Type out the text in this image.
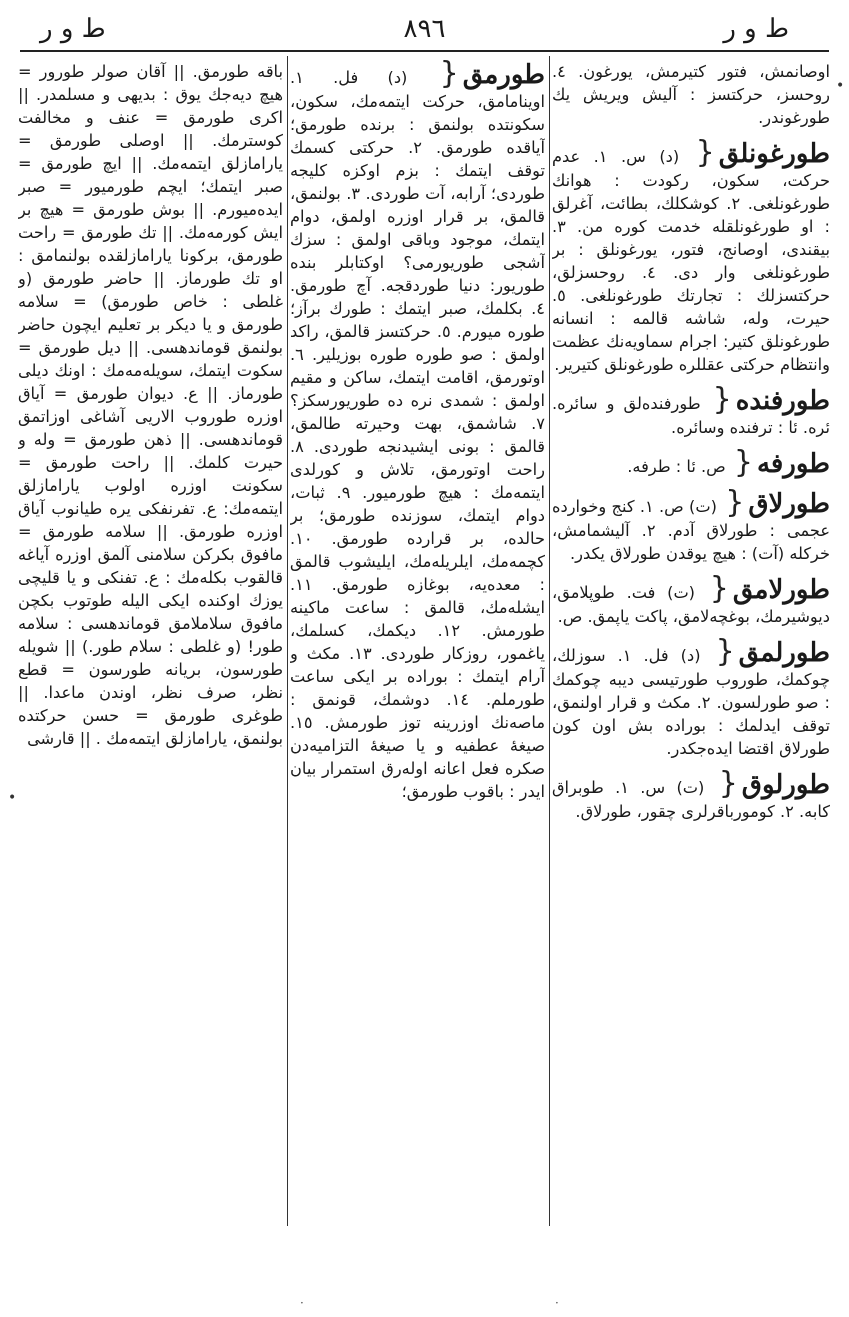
ط و ر
۸۹٦
ط و ر
اوصانمش، فتور کتیرمش، یورغون. ٤. روحسز، حرکتسز : آلیش ویریش یك طورغوندر.
طورغونلق{ (د) س. ١. عدم حرکت، سکون، رکودت : هوانك طورغونلغی. ٢. کوشکلك، بطائت، آغرلق : او طورغونلقله خدمت کوره من. ٣. بیقندی، اوصانج، فتور، یورغونلق : بر طورغونلغی وار دی. ٤. روحسزلق، حرکتسزلك : تجارتك طورغونلغی. ٥. حیرت، وله، شاشه قالمه : انسانه طورغونلق کتیر: اجرام سماویه‌نك عظمت وانتظام حرکتی عقللره طورغونلق کتیریر.
طورفنده{ طورفنده‌لق و سائره. ئره. ئا : ترفنده وسائره.
طورفه{ ص. ئا : طرفه.
طورلاق{ (ت) ص. ١. کنج وخوارده عجمی : طورلاق آدم. ٢. آلیشمامش، خرکله (آت) : هیچ یوقدن طورلاق یکدر.
طورلامق{ (ت) فت. طوپلامق، دیوشیرمك، بوغچه‌لامق، پاکت یاپمق. ص.
طورلمق{ (د) فل. ١. سوزلك، چوکمك، طوروب طورتیسی دیبه چوکمك : صو طورلسون. ٢. مکث و قرار اولنمق، توقف ایدلمك : بوراده بش اون کون طورلاق اقتضا ایده‌جکدر.
طورلوق{ (ت) س. ١. طوبراق کابه. ٢. کومورباقرلری چقور، طورلاق.
طورمق{ (د) فل. ١. اوینامامق، حرکت ایتمه‌مك، سکون، سکونتده بولنمق : برنده طورمق؛ آیاقده طورمق. ٢. حرکتی کسمك توقف ایتمك : بزم اوکزه کلیجه طوردی؛ آرابه، آت طوردی. ٣. بولنمق، قالمق، بر قرار اوزره اولمق، دوام ایتمك، موجود وباقی اولمق : سزك آشجی طوریورمی؟ اوکتابلر بنده طوریور: دنیا طوردقجه. آچ طورمق. ٤. بکلمك، صبر ایتمك : طورك برآز؛ طوره میورم. ٥. حرکتسز قالمق، راکد اولمق : صو طوره طوره بوزیلیر. ٦. اوتورمق، اقامت ایتمك، ساکن و مقیم اولمق : شمدی نره ده طوریورسکز؟ ٧. شاشمق، بهت وحیرته طالمق، قالمق : بونی ایشیدنجه طوردی. ٨. راحت اوتورمق، تلاش و کورلدی ایتمه‌مك : هیچ طورمیور. ٩. ثبات، دوام ایتمك، سوزنده طورمق؛ بر حالده، بر قرارده طورمق. ١٠. کچمه‌مك، ایلریله‌مك، ایلیشوب قالمق : معده‌یه، بوغازه طورمق. ١١. ایشله‌مك، قالمق : ساعت ماکینه طورمش. ١٢. دیکمك، کسلمك، یاغمور، روزکار طوردی. ١٣. مکث و آرام ایتمك : بوراده بر ایکی ساعت طورملم. ١٤. دوشمك، قونمق : ماصه‌نك اوزرینه توز طورمش. ١٥. صیغهٔ عطفیه و یا صیغهٔ التزامیه‌دن صکره فعل اعانه اوله‌رق استمرار بیان ایدر : باقوب طورمق؛
باقه طورمق. || آقان صولر طورور = هیچ دیه‌جك یوق : بدیهی و مسلمدر. || اکری طورمق = عنف و مخالفت کوسترمك. || اوصلی طورمق = یارامازلق ایتمه‌مك. || ایچ طورمق = صبر ایتمك؛ ایچم طورمیور = صبر ایده‌میورم. || بوش طورمق = هیچ بر ایش کورمه‌مك. || تك طورمق = راحت طورمق، برکونا یارامازلقده بولنمامق : او تك طورماز. || حاضر طورمق (و غلطی : خاص طورمق) = سلامه طورمق و یا دیکر بر تعلیم ایچون حاضر بولنمق قوماندهسی. || دیل طورمق = سکوت ایتمك، سویله‌مه‌مك : اونك دیلی طورماز. || ع. دیوان طورمق = آیاق اوزره طوروب الاریی آشاغی اوزاتمق قوماندهسی. || ذهن طورمق = وله و حیرت کلمك. || راحت طورمق = سکونت اوزره اولوب یارامازلق ایتمه‌مك: ع. تفرنفکی یره طیانوب آیاق اوزره طورمق. || سلامه طورمق = مافوق بکرکن سلامنی آلمق اوزره آیاغه قالقوب بکله‌مك : ع. تفنکی و یا قلیچی یوزك اوکنده ایکی الیله طوتوب بکچن مافوق سلاملامق قوماندهسی : سلامه طور! (و غلطی : سلام طور.) || شویله طورسون، بریانه طورسون = قطع نظر، صرف نظر، اوندن ماعدا. || طوغری طورمق = حسن حرکتده بولنمق، یارامازلق ایتمه‌مك . || قارشی
•
•
·	·
